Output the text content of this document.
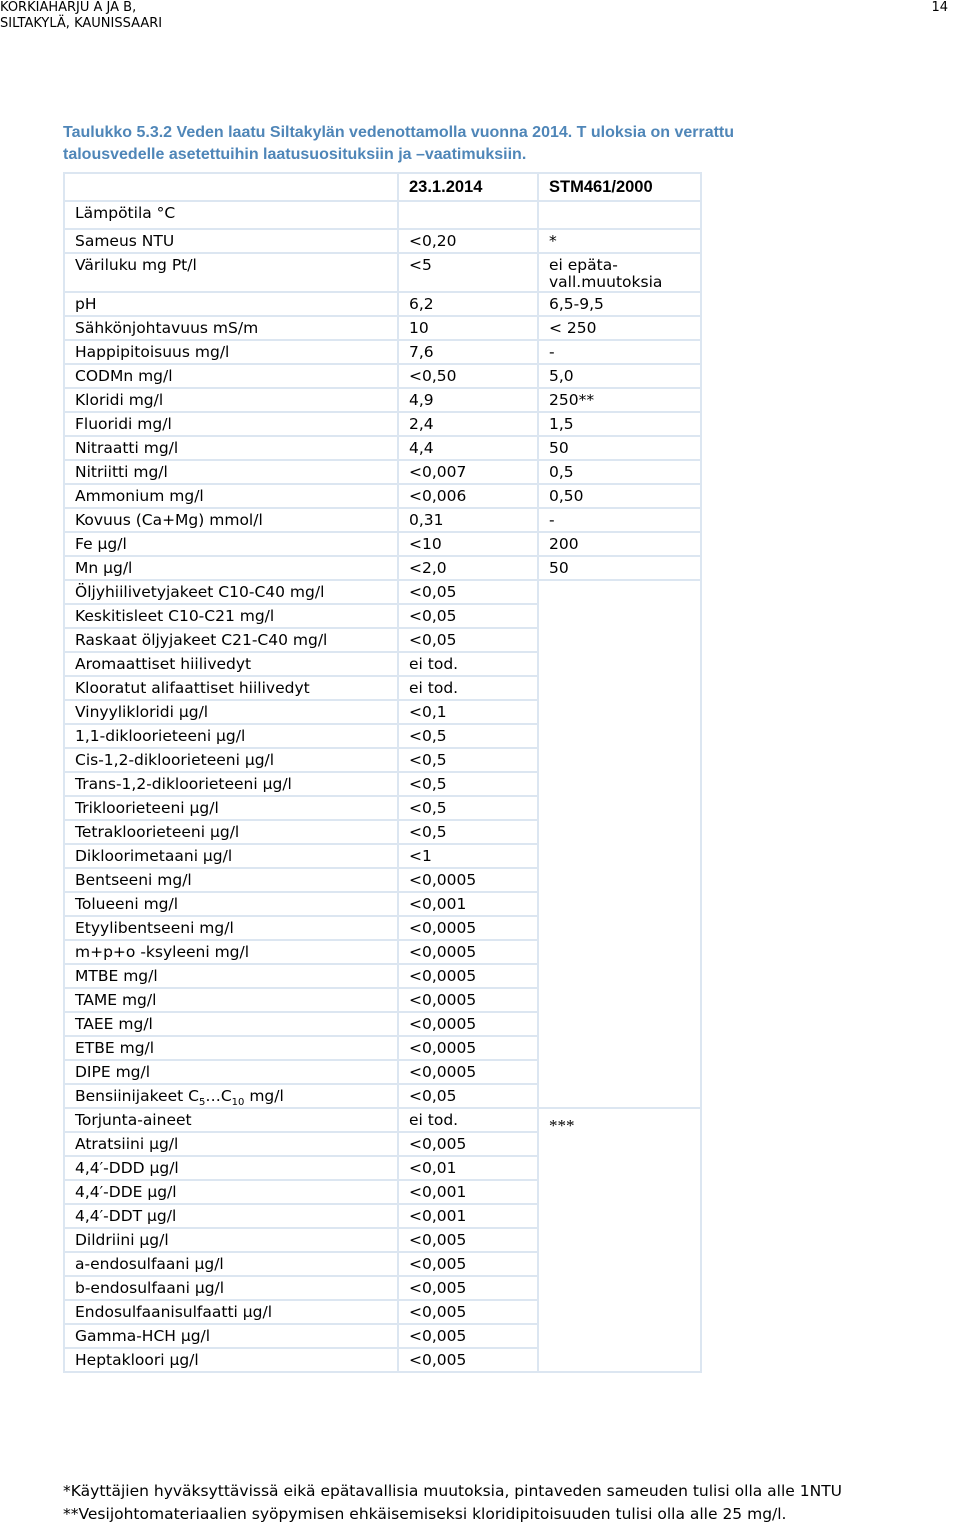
KORKIAHARJU A JA B,
SILTAKYLÄ, KAUNISSAARI
14
Taulukko 5.3.2 Veden laatu Siltakylän vedenottamolla vuonna 2014. T uloksia on verrattu talousvedelle asetettuihin laatusuosituksiin ja –vaatimuksiin.
	23.1.2014	STM461/2000
Lämpötila °C		
Sameus NTU	<0,20	*
Väriluku mg Pt/l	<5	ei epäta-vall.muutoksia
pH	6,2	6,5-9,5
Sähkönjohtavuus mS/m	10	< 250
Happipitoisuus mg/l	7,6	-
CODMn mg/l	<0,50	5,0
Kloridi mg/l	4,9	250**
Fluoridi mg/l	2,4	1,5
Nitraatti mg/l	4,4	50
Nitriitti mg/l	<0,007	0,5
Ammonium mg/l	<0,006	0,50
Kovuus (Ca+Mg) mmol/l	0,31	-
Fe µg/l	<10	200
Mn µg/l	<2,0	50
Öljyhiilivetyjakeet C10-C40 mg/l	<0,05	
Keskitisleet C10-C21 mg/l	<0,05	
Raskaat öljyjakeet C21-C40 mg/l	<0,05	
Aromaattiset hiilivedyt	ei tod.	
Klooratut alifaattiset hiilivedyt	ei tod.	
Vinyylikloridi µg/l	<0,1	
1,1-dikloorieteeni µg/l	<0,5	
Cis-1,2-dikloorieteeni µg/l	<0,5	
Trans-1,2-dikloorieteeni µg/l	<0,5	
Trikloorieteeni µg/l	<0,5	
Tetrakloorieteeni µg/l	<0,5	
Dikloorimetaani µg/l	<1	
Bentseeni mg/l	<0,0005	
Tolueeni mg/l	<0,001	
Etyylibentseeni mg/l	<0,0005	
m+p+o -ksyleeni mg/l	<0,0005	
MTBE mg/l	<0,0005	
TAME mg/l	<0,0005	
TAEE mg/l	<0,0005	
ETBE mg/l	<0,0005	
DIPE mg/l	<0,0005	
Bensiinijakeet $C_5\dots C_{10}$ mg/l	<0,05	
Torjunta-aineet	ei tod.	***
Atratsiini µg/l	<0,005	
4,4′-DDD µg/l	<0,01	
4,4′-DDE µg/l	<0,001	
4,4′-DDT µg/l	<0,001	
Dildriini µg/l	<0,005	
a-endosulfaani µg/l	<0,005	
b-endosulfaani µg/l	<0,005	
Endosulfaanisulfaatti µg/l	<0,005	
Gamma-HCH µg/l	<0,005	
Heptakloori µg/l	<0,005	
*Käyttäjien hyväksyttävissä eikä epätavallisia muutoksia, pintaveden sameuden tulisi olla alle 1NTU
**Vesijohtomateriaalien syöpymisen ehkäisemiseksi kloridipitoisuuden tulisi olla alle 25 mg/l.
